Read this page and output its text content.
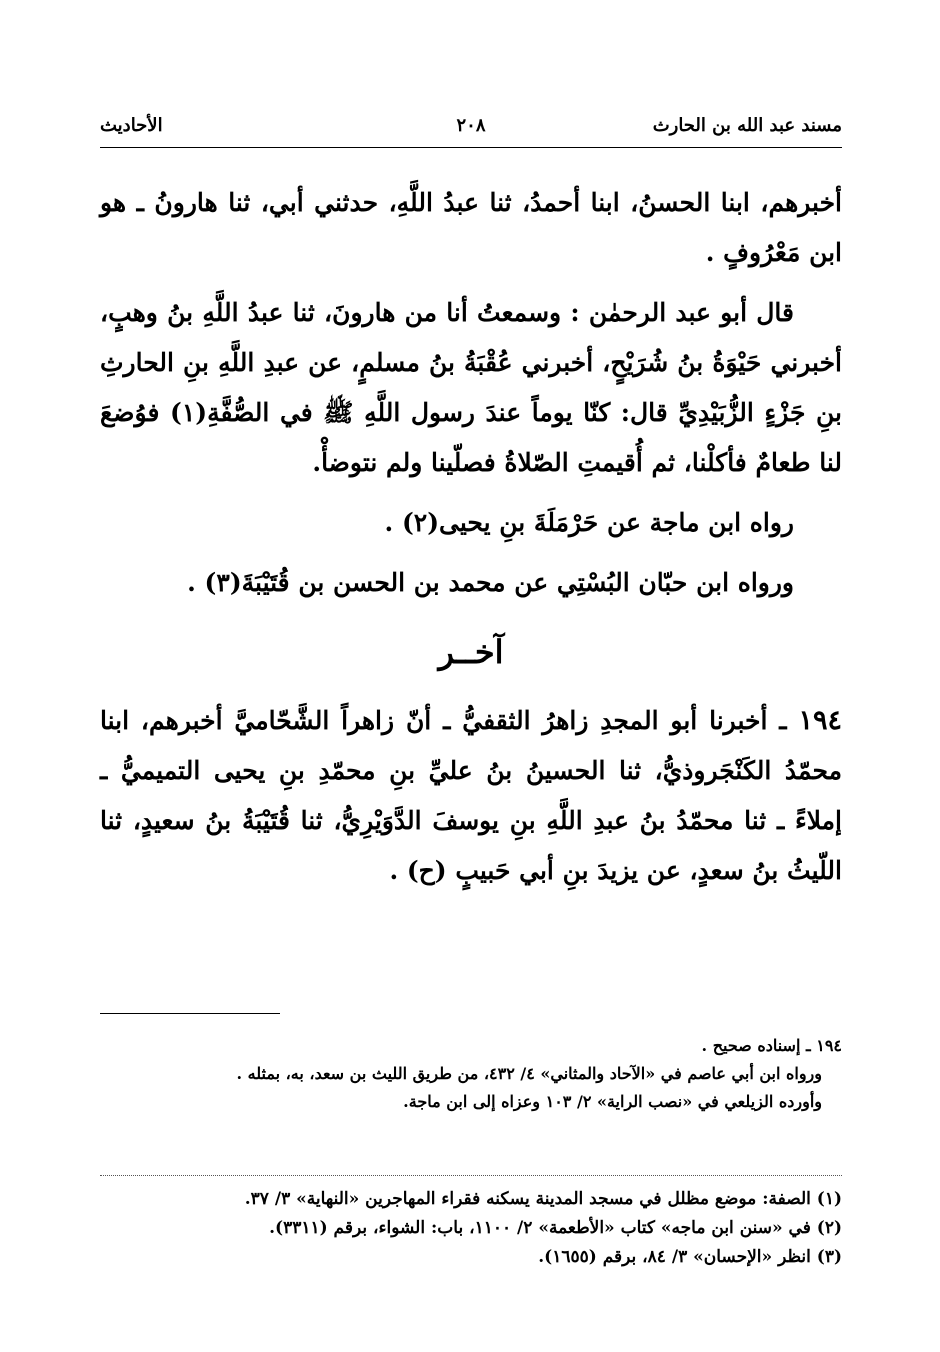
مسند عبد الله بن الحارث
٢٠٨
الأحاديث

أخبرهم، ابنا الحسنُ، ابنا أحمدُ، ثنا عبدُ اللَّهِ، حدثني أبي، ثنا هارونُ ـ هو ابن مَعْرُوفٍ .

قال أبو عبد الرحمٰن : وسمعتُ أنا من هارونَ، ثنا عبدُ اللَّهِ بنُ وهبٍ، أخبرني حَيْوَةُ بنُ شُرَيْحٍ، أخبرني عُقْبَةُ بنُ مسلمٍ، عن عبدِ اللَّهِ بنِ الحارثِ بنِ جَزْءٍ الزُّبَيْدِيِّ قال: كنّا يوماً عندَ رسول اللَّهِ ﷺ في الصُّفَّةِ(١) فوُضعَ لنا طعامٌ فأكلْنا، ثم أُقيمتِ الصّلاةُ فصلّينا ولم نتوضأْ.

رواه ابن ماجة عن حَرْمَلَةَ بنِ يحيى(٢) .

ورواه ابن حبّان البُسْتِي عن محمد بن الحسن بن قُتَيْبَةَ(٣) .

آخــر

١٩٤ ـ أخبرنا أبو المجدِ زاهرُ الثقفيُّ ـ أنّ زاهراً الشَّحّاميَّ أخبرهم، ابنا محمّدُ الكَنْجَروذيُّ، ثنا الحسينُ بنُ عليِّ بنِ محمّدِ بنِ يحيى التميميُّ ـ إملاءً ـ ثنا محمّدُ بنُ عبدِ اللَّهِ بنِ يوسفَ الدَّوَيْرِيُّ، ثنا قُتَيْبَةُ بنُ سعيدٍ، ثنا اللّيثُ بنُ سعدٍ، عن يزيدَ بنِ أبي حَبيبٍ (ح) .

١٩٤ ـ إسناده صحيح .

ورواه ابن أبي عاصم في «الآحاد والمثاني» ٤/ ٤٣٢، من طريق الليث بن سعد، به، بمثله .

وأورده الزيلعي في «نصب الراية» ٢/ ١٠٣ وعزاه إلى ابن ماجة.

(١) الصفة: موضع مظلل في مسجد المدينة يسكنه فقراء المهاجرين «النهاية» ٣/ ٣٧.

(٢) في «سنن ابن ماجه» كتاب «الأطعمة» ٢/ ١١٠٠، باب: الشواء، برقم (٣٣١١).

(٣) انظر «الإحسان» ٣/ ٨٤، برقم (١٦٥٥).
